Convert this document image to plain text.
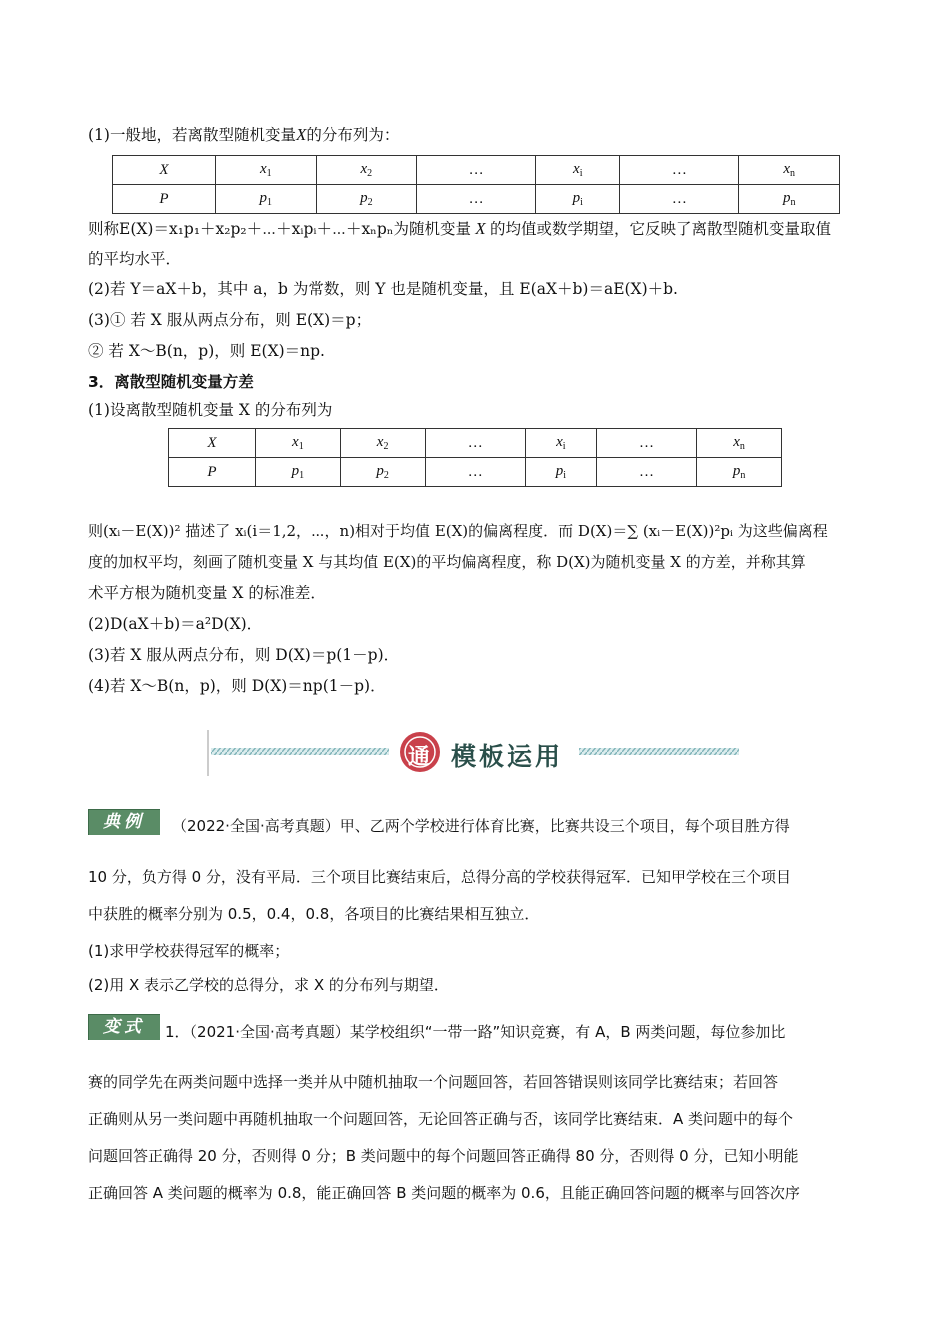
(1)一般地，若离散型随机变量X的分布列为：
X	$x_1$	$x_2$	…	$x_i$	…	$x_n$
P	$p_1$	$p_2$	…	$p_i$	…	$p_n$
则称E(X)＝x₁p₁＋x₂p₂＋⋯＋xᵢpᵢ＋⋯＋xₙpₙ为随机变量 X 的均值或数学期望，它反映了离散型随机变量取值
的平均水平．
(2)若 Y＝aX＋b，其中 a，b 为常数，则 Y 也是随机变量，且 E(aX＋b)＝aE(X)＋b.
(3)① 若 X 服从两点分布，则 E(X)＝p；
② 若 X～B(n，p)，则 E(X)＝np.
3．离散型随机变量方差
(1)设离散型随机变量 X 的分布列为
X	$x_1$	$x_2$	…	$x_i$	…	$x_n$
P	$p_1$	$p_2$	…	$p_i$	…	$p_n$
则(xᵢ－E(X))² 描述了 xᵢ(i＝1,2，⋯，n)相对于均值 E(X)的偏离程度．而 D(X)＝∑ (xᵢ－E(X))²pᵢ 为这些偏离程
度的加权平均，刻画了随机变量 X 与其均值 E(X)的平均偏离程度，称 D(X)为随机变量 X 的方差，并称其算
术平方根为随机变量 X 的标准差．
(2)D(aX＋b)＝a²D(X)．
(3)若 X 服从两点分布，则 D(X)＝p(1－p)．
(4)若 X～B(n，p)，则 D(X)＝np(1－p)．
通 模板运用
典例	（2022·全国·高考真题）甲、乙两个学校进行体育比赛，比赛共设三个项目，每个项目胜方得
10 分，负方得 0 分，没有平局．三个项目比赛结束后，总得分高的学校获得冠军．已知甲学校在三个项目
中获胜的概率分别为 0.5，0.4，0.8，各项目的比赛结果相互独立．
(1)求甲学校获得冠军的概率；
(2)用 X 表示乙学校的总得分，求 X 的分布列与期望．
变式	1．（2021·全国·高考真题）某学校组织“一带一路”知识竞赛，有 A，B 两类问题，每位参加比
赛的同学先在两类问题中选择一类并从中随机抽取一个问题回答，若回答错误则该同学比赛结束；若回答
正确则从另一类问题中再随机抽取一个问题回答，无论回答正确与否，该同学比赛结束．A 类问题中的每个
问题回答正确得 20 分，否则得 0 分；B 类问题中的每个问题回答正确得 80 分，否则得 0 分，已知小明能
正确回答 A 类问题的概率为 0.8，能正确回答 B 类问题的概率为 0.6，且能正确回答问题的概率与回答次序
